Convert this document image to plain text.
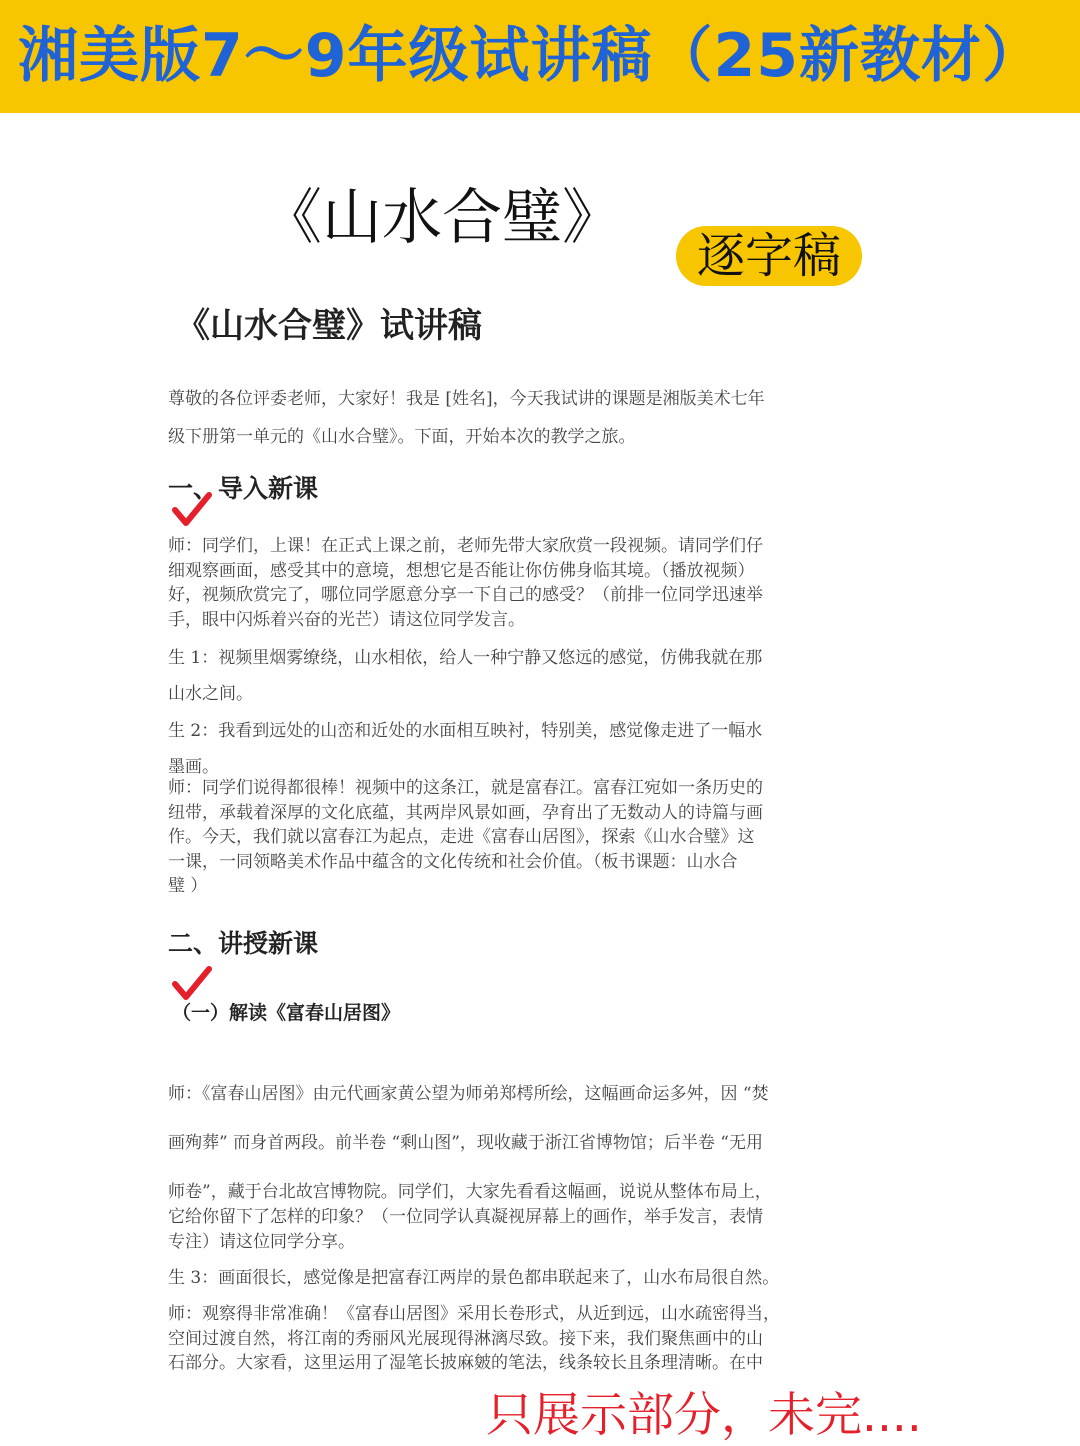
湘美版7～9年级试讲稿（25新教材）
《山水合璧》
逐字稿
《山水合璧》试讲稿
尊敬的各位评委老师，大家好！我是 [姓名]，今天我试讲的课题是湘版美术七年
级下册第一单元的《山水合璧》。下面，开始本次的教学之旅。
一、导入新课
师：同学们，上课！在正式上课之前，老师先带大家欣赏一段视频。请同学们仔
细观察画面，感受其中的意境，想想它是否能让你仿佛身临其境。（播放视频）
好，视频欣赏完了，哪位同学愿意分享一下自己的感受？（前排一位同学迅速举
手，眼中闪烁着兴奋的光芒）请这位同学发言。
生 1：视频里烟雾缭绕，山水相依，给人一种宁静又悠远的感觉，仿佛我就在那
山水之间。
生 2：我看到远处的山峦和近处的水面相互映衬，特别美，感觉像走进了一幅水
墨画。
师：同学们说得都很棒！视频中的这条江，就是富春江。富春江宛如一条历史的
纽带，承载着深厚的文化底蕴，其两岸风景如画，孕育出了无数动人的诗篇与画
作。今天，我们就以富春江为起点，走进《富春山居图》，探索《山水合璧》这
一课，一同领略美术作品中蕴含的文化传统和社会价值。（板书课题：山水合
璧 ）
二、讲授新课
（一）解读《富春山居图》
师：《富春山居图》由元代画家黄公望为师弟郑樗所绘，这幅画命运多舛，因 “焚
画殉葬” 而身首两段。前半卷 “剩山图”，现收藏于浙江省博物馆；后半卷 “无用
师卷”，藏于台北故宫博物院。同学们，大家先看看这幅画，说说从整体布局上，
它给你留下了怎样的印象？（一位同学认真凝视屏幕上的画作，举手发言，表情
专注）请这位同学分享。
生 3：画面很长，感觉像是把富春江两岸的景色都串联起来了，山水布局很自然。
师：观察得非常准确！《富春山居图》采用长卷形式，从近到远，山水疏密得当，
空间过渡自然，将江南的秀丽风光展现得淋漓尽致。接下来，我们聚焦画中的山
石部分。大家看，这里运用了湿笔长披麻皴的笔法，线条较长且条理清晰。在中
只展示部分，未完....
